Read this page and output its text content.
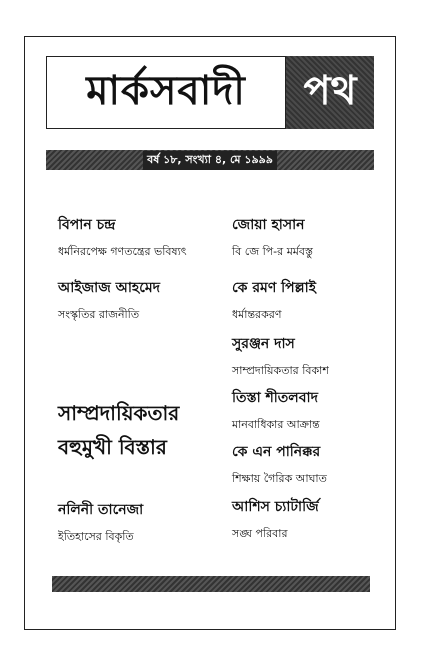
মার্কসবাদী	পথ
বর্ষ ১৮, সংখ্যা ৪, মে ১৯৯৯
বিপান চন্দ্র
ধর্মনিরপেক্ষ গণতন্ত্রের ভবিষ্যৎ
আইজাজ আহমেদ
সংস্কৃতির রাজনীতি
সাম্প্রদায়িকতার
বহুমুখী বিস্তার
নলিনী তানেজা
ইতিহাসের বিকৃতি
জোয়া হাসান
বি জে পি-র মর্মবস্তু
কে রমণ পিল্লাই
ধর্মান্তরকরণ
সুরঞ্জন দাস
সাম্প্রদায়িকতার বিকাশ
তিস্তা শীতলবাদ
মানবাধিকার আক্রান্ত
কে এন পানিক্কর
শিক্ষায় গৈরিক আঘাত
আশিস চ্যাটার্জি
সঙ্ঘ পরিবার
